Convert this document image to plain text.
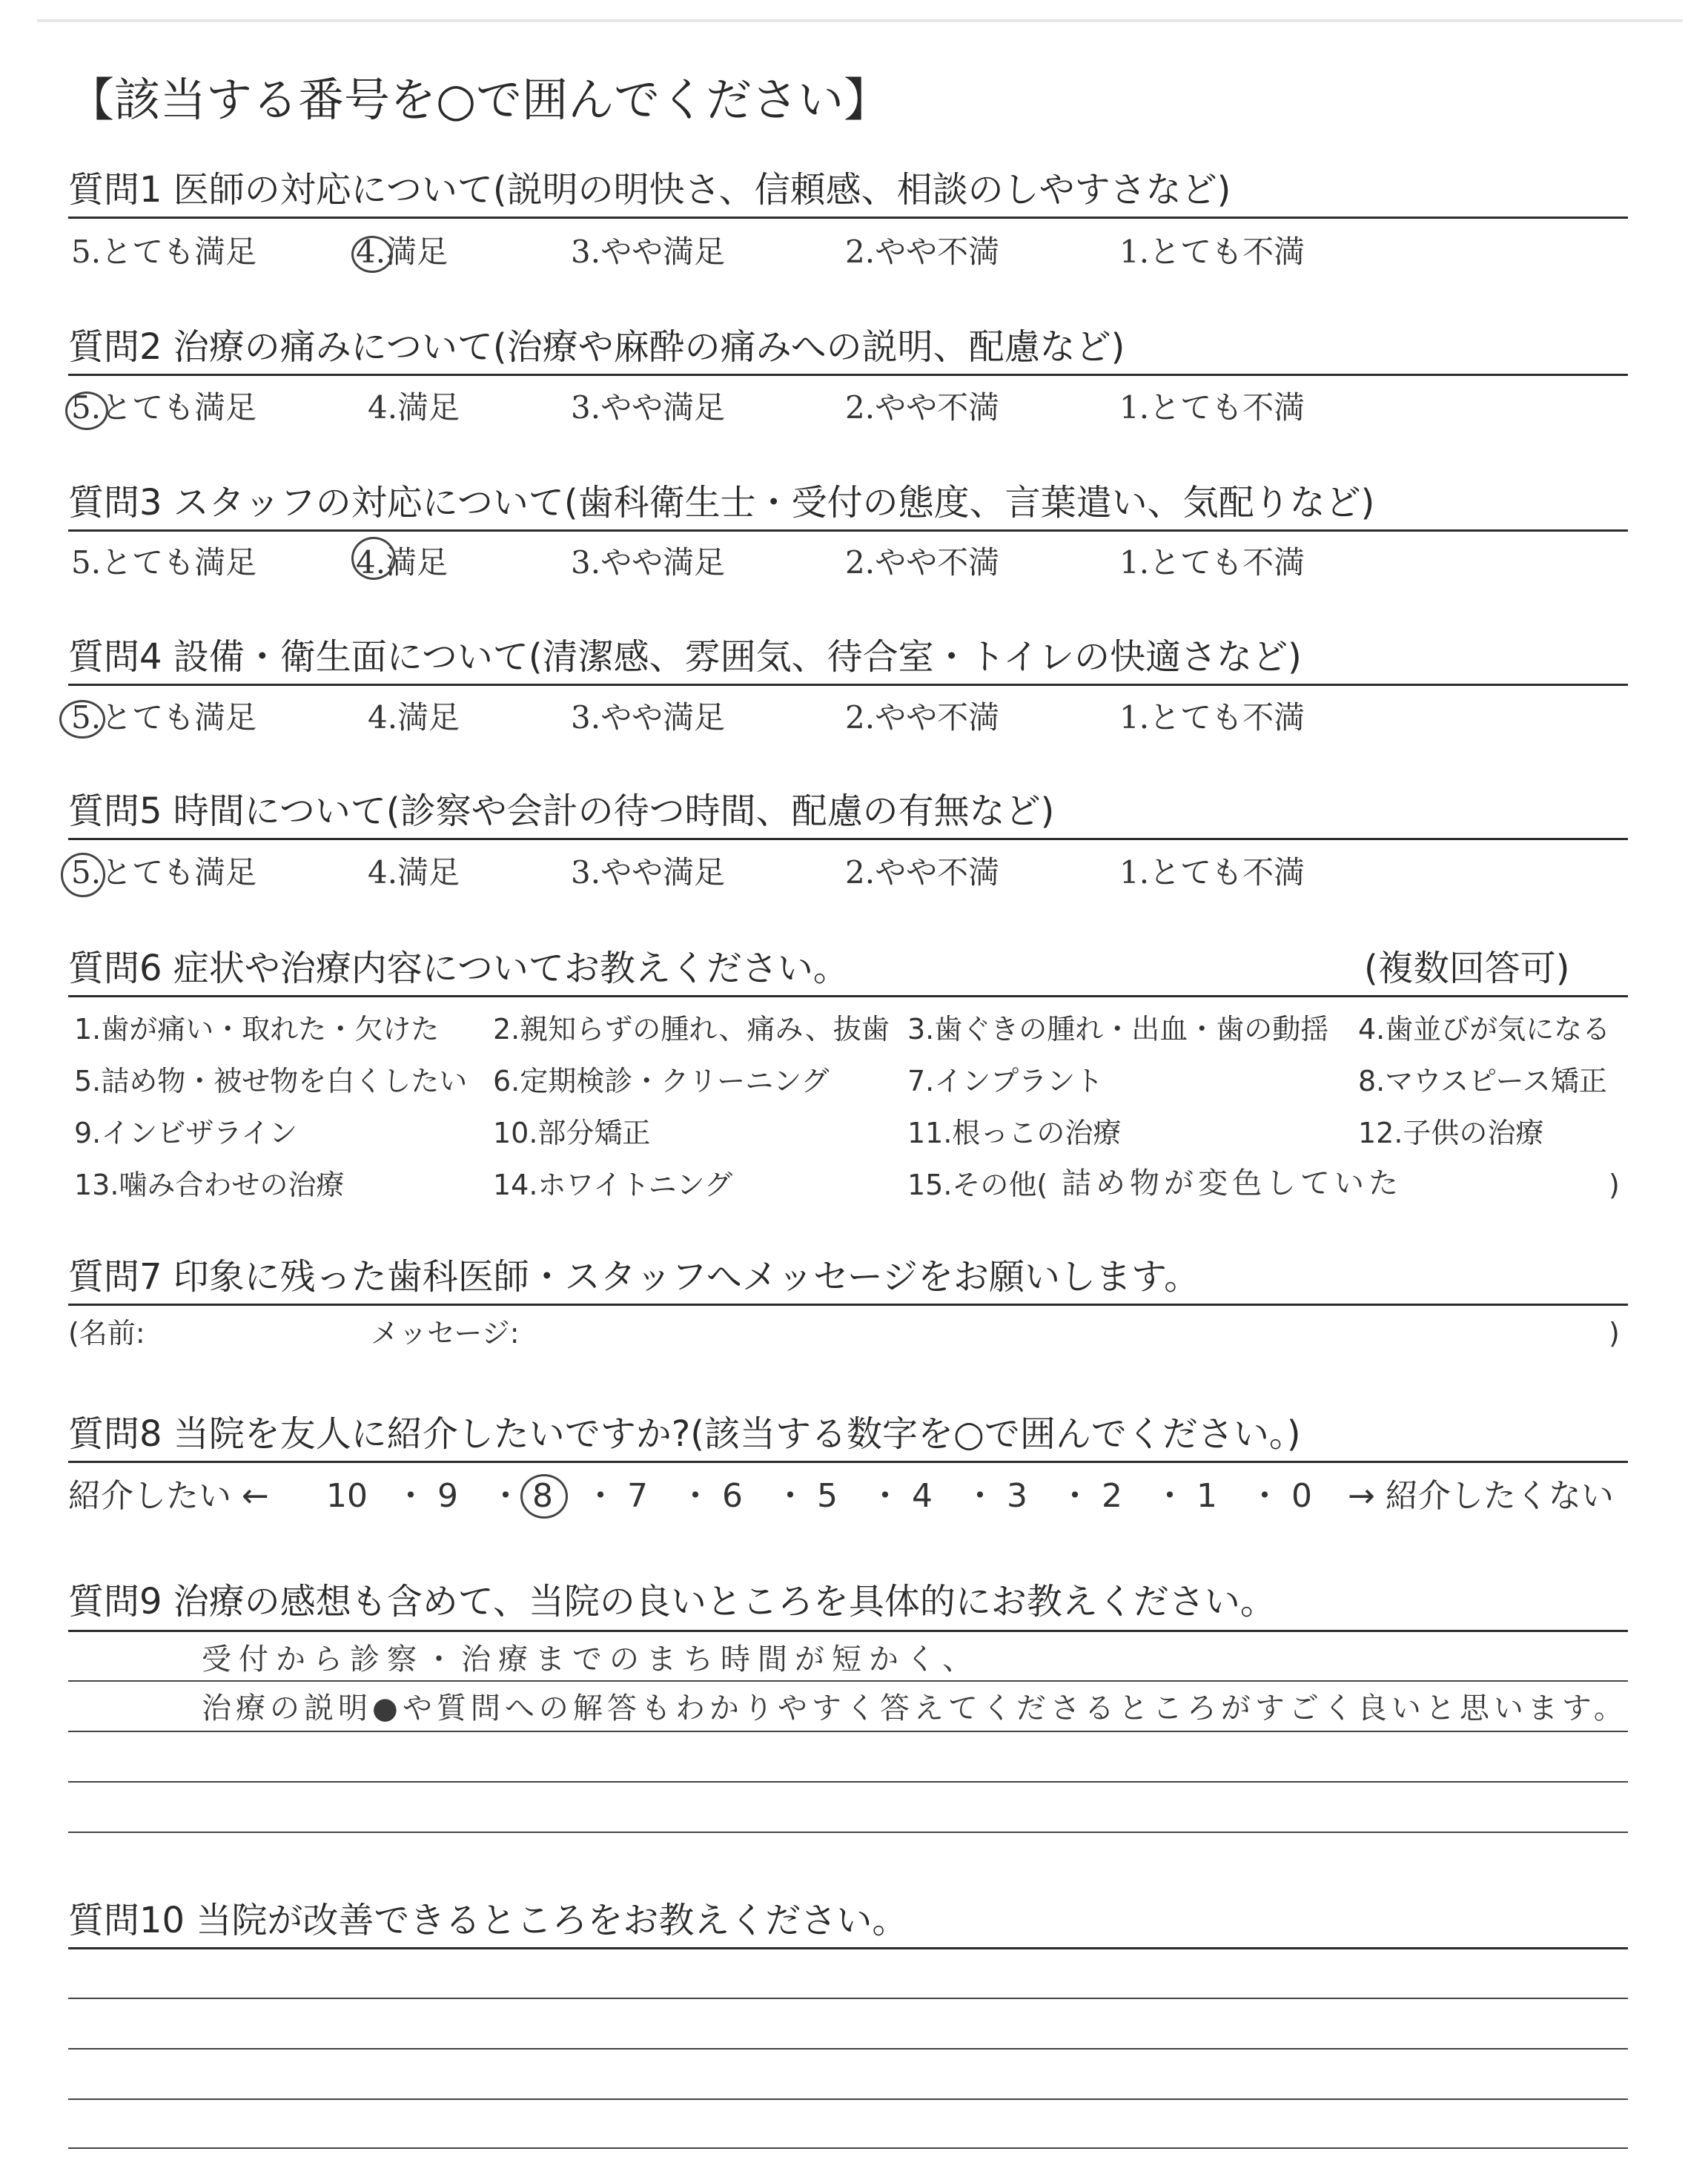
【該当する番号を○で囲んでください】
質問1 医師の対応について(説明の明快さ、信頼感、相談のしやすさなど)
5.とても満足	4.満足	3.やや満足	2.やや不満	1.とても不満
質問2 治療の痛みについて(治療や麻酔の痛みへの説明、配慮など)
5.とても満足	4.満足	3.やや満足	2.やや不満	1.とても不満
質問3 スタッフの対応について(歯科衛生士・受付の態度、言葉遣い、気配りなど)
5.とても満足	4.満足	3.やや満足	2.やや不満	1.とても不満
質問4 設備・衛生面について(清潔感、雰囲気、待合室・トイレの快適さなど)
5.とても満足	4.満足	3.やや満足	2.やや不満	1.とても不満
質問5 時間について(診察や会計の待つ時間、配慮の有無など)
5.とても満足	4.満足	3.やや満足	2.やや不満	1.とても不満
質問6 症状や治療内容についてお教えください。	(複数回答可)
1.歯が痛い・取れた・欠けた 2.親知らずの腫れ、痛み、抜歯 3.歯ぐきの腫れ・出血・歯の動揺 4.歯並びが気になる
5.詰め物・被せ物を白くしたい 6.定期検診・クリーニング	7.インプラント	8.マウスピース矯正
9.インビザライン	10.部分矯正	11.根っこの治療	12.子供の治療
13.噛み合わせの治療	14.ホワイトニング	15.その他( 詰め物が変色していた	)
質問7 印象に残った歯科医師・スタッフへメッセージをお願いします。
(名前:	メッセージ:	)
質問8 当院を友人に紹介したいですか?(該当する数字を○で囲んでください。)
紹介したい ←	→ 紹介したくない
10 ・ 9 ・ 8 ・ 7 ・ 6 ・ 5 ・ 4 ・ 3 ・ 2 ・ 1 ・ 0
質問9 治療の感想も含めて、当院の良いところを具体的にお教えください。
受付から診察・治療までのまち時間が短かく、
治療の説明●や質問への解答もわかりやすく答えてくださるところがすごく良いと思います。
質問10 当院が改善できるところをお教えください。
